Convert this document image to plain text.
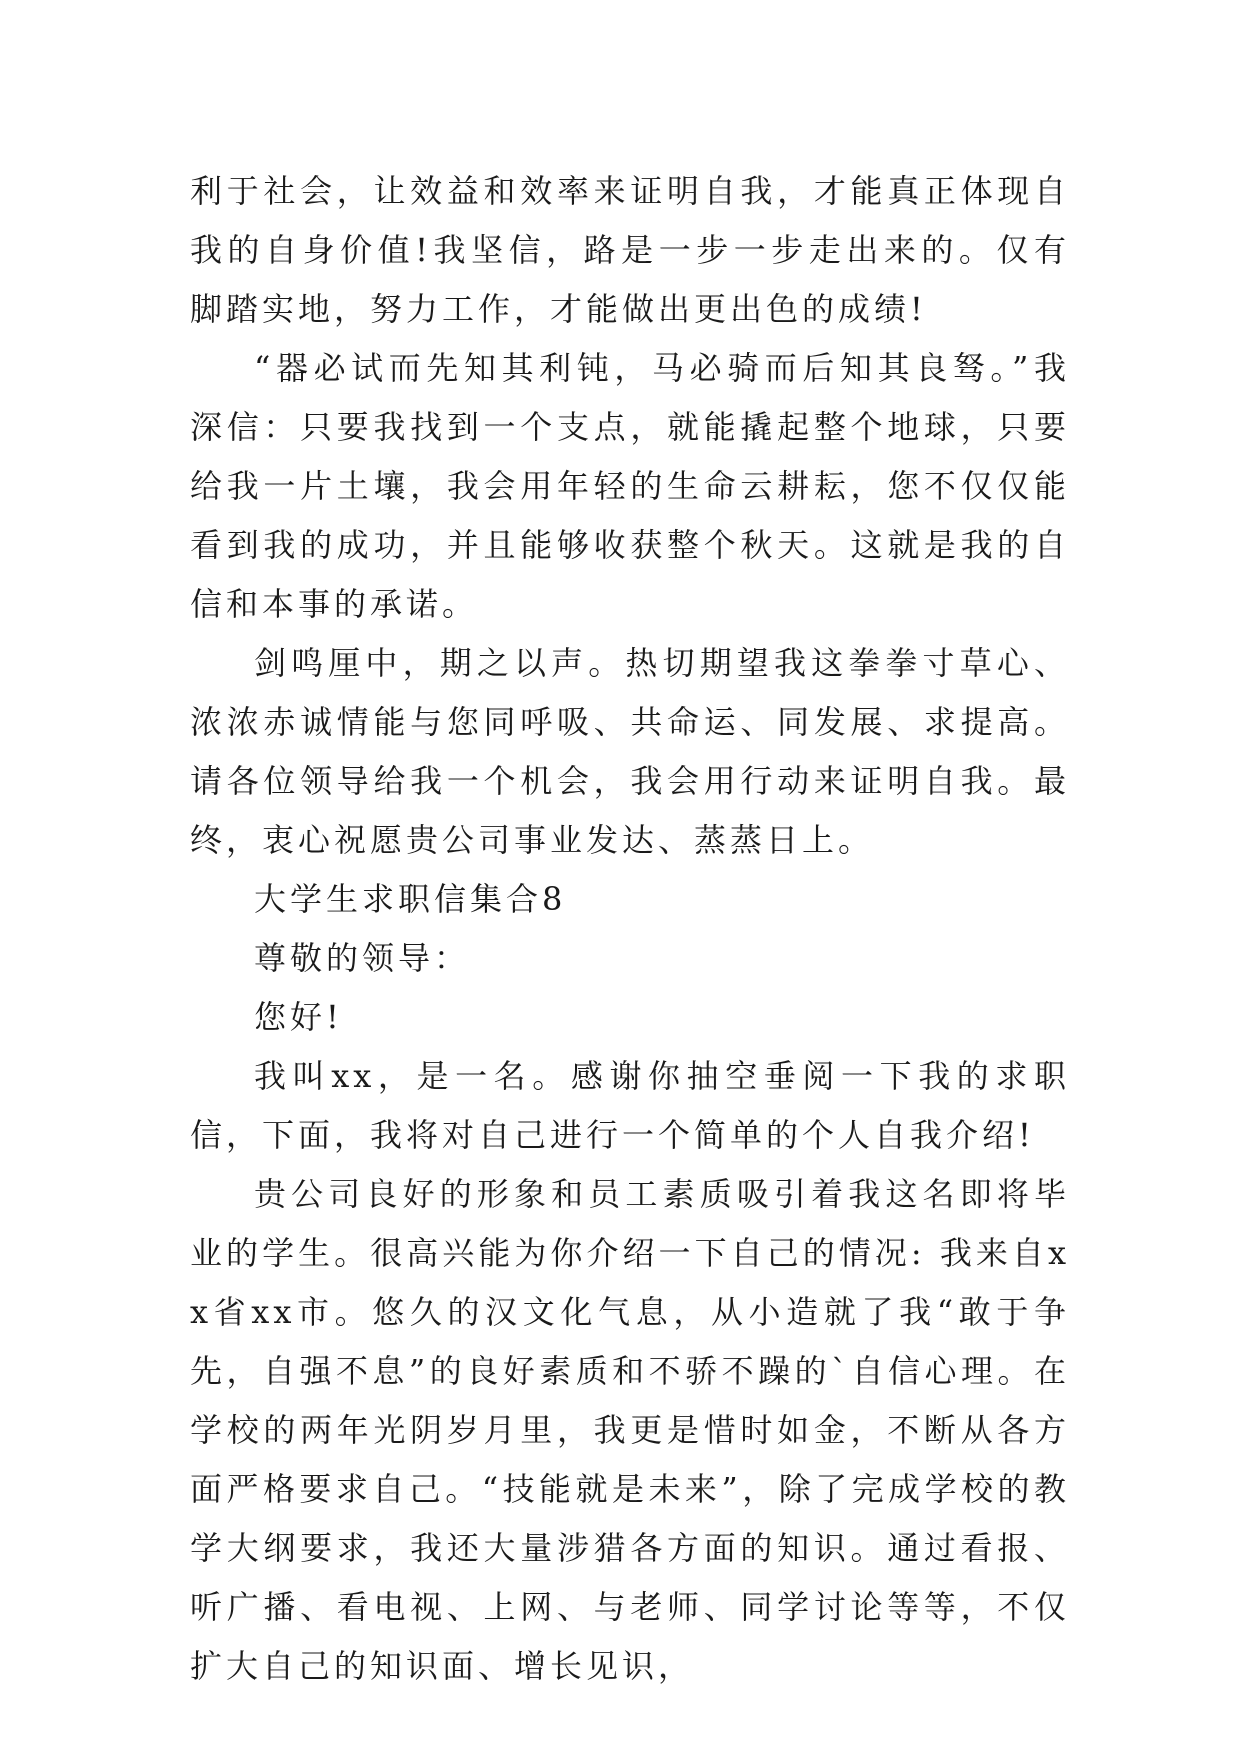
利于社会，让效益和效率来证明自我，才能真正体现自我的自身价值!我坚信，路是一步一步走出来的。仅有脚踏实地，努力工作，才能做出更出色的成绩!

“器必试而先知其利钝，马必骑而后知其良驽。”我深信：只要我找到一个支点，就能撬起整个地球，只要给我一片土壤，我会用年轻的生命云耕耘，您不仅仅能看到我的成功，并且能够收获整个秋天。这就是我的自信和本事的承诺。

剑鸣厘中，期之以声。热切期望我这拳拳寸草心、浓浓赤诚情能与您同呼吸、共命运、同发展、求提高。请各位领导给我一个机会，我会用行动来证明自我。最终，衷心祝愿贵公司事业发达、蒸蒸日上。

大学生求职信集合8

尊敬的领导：

您好!

我叫xx，是一名。感谢你抽空垂阅一下我的求职信，下面，我将对自己进行一个简单的个人自我介绍!

贵公司良好的形象和员工素质吸引着我这名即将毕业的学生。很高兴能为你介绍一下自己的情况: 我来自xx省xx市。悠久的汉文化气息，从小造就了我“敢于争先，自强不息”的良好素质和不骄不躁的`自信心理。在学校的两年光阴岁月里，我更是惜时如金，不断从各方面严格要求自己。“技能就是未来”，除了完成学校的教学大纲要求，我还大量涉猎各方面的知识。通过看报、听广播、看电视、上网、与老师、同学讨论等等，不仅扩大自己的知识面、增长见识，
